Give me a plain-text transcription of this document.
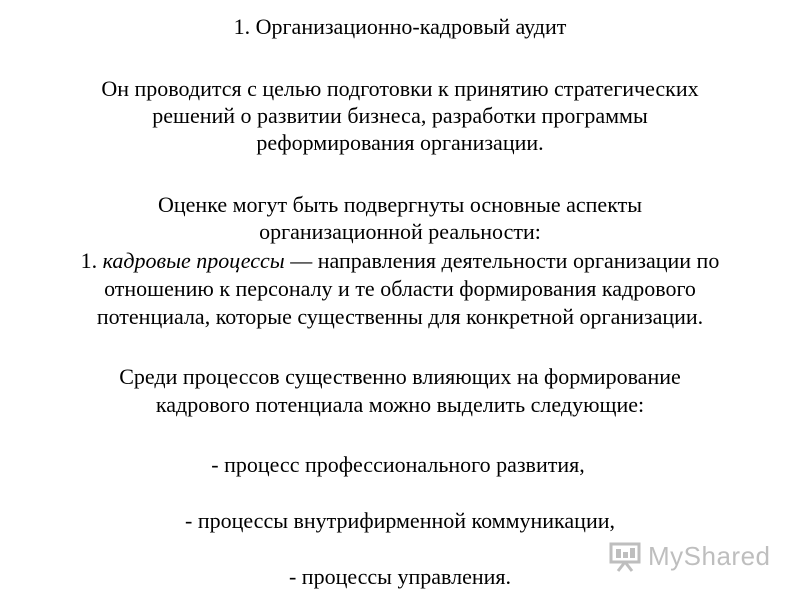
1. Организационно-кадровый аудит

Он проводится с целью подготовки к принятию стратегических

решений о развитии бизнеса, разработки программы

реформирования организации.

Оценке могут быть подвергнуты основные аспекты

организационной реальности:

1. кадровые процессы — направления деятельности организации по

отношению к персоналу и те области формирования кадрового

потенциала, которые существенны для конкретной организации.

Среди процессов существенно влияющих на формирование

кадрового потенциала можно выделить следующие:

- процесс профессионального развития,

- процессы внутрифирменной коммуникации,

- процессы управления.

MyShared
